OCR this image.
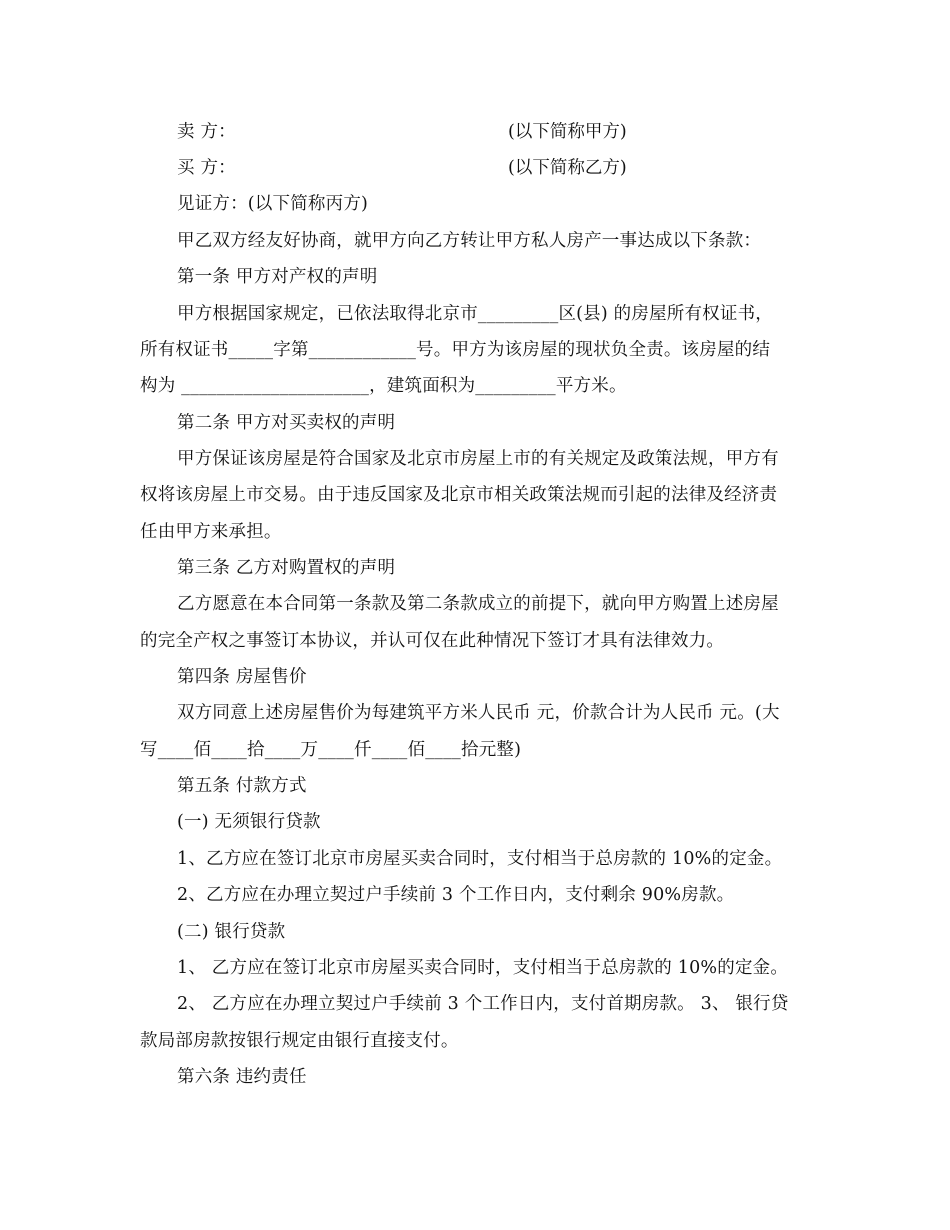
卖 方：	(以下简称甲方)
买 方：	(以下简称乙方)
见证方：(以下简称丙方)
甲乙双方经友好协商，就甲方向乙方转让甲方私人房产一事达成以下条款：
第一条 甲方对产权的声明
甲方根据国家规定，已依法取得北京市_________区(县) 的房屋所有权证书，
所有权证书_____字第____________号。甲方为该房屋的现状负全责。该房屋的结
构为 _____________________，建筑面积为_________平方米。
第二条 甲方对买卖权的声明
甲方保证该房屋是符合国家及北京市房屋上市的有关规定及政策法规，甲方有
权将该房屋上市交易。由于违反国家及北京市相关政策法规而引起的法律及经济责
任由甲方来承担。
第三条 乙方对购置权的声明
乙方愿意在本合同第一条款及第二条款成立的前提下，就向甲方购置上述房屋
的完全产权之事签订本协议，并认可仅在此种情况下签订才具有法律效力。
第四条 房屋售价
双方同意上述房屋售价为每建筑平方米人民币 元，价款合计为人民币 元。(大
写____佰____拾____万____仟____佰____拾元整)
第五条 付款方式
(一) 无须银行贷款
1、乙方应在签订北京市房屋买卖合同时，支付相当于总房款的 10%的定金。
2、乙方应在办理立契过户手续前 3 个工作日内，支付剩余 90%房款。
(二) 银行贷款
1、 乙方应在签订北京市房屋买卖合同时，支付相当于总房款的 10%的定金。
2、 乙方应在办理立契过户手续前 3 个工作日内，支付首期房款。 3、 银行贷
款局部房款按银行规定由银行直接支付。
第六条 违约责任
